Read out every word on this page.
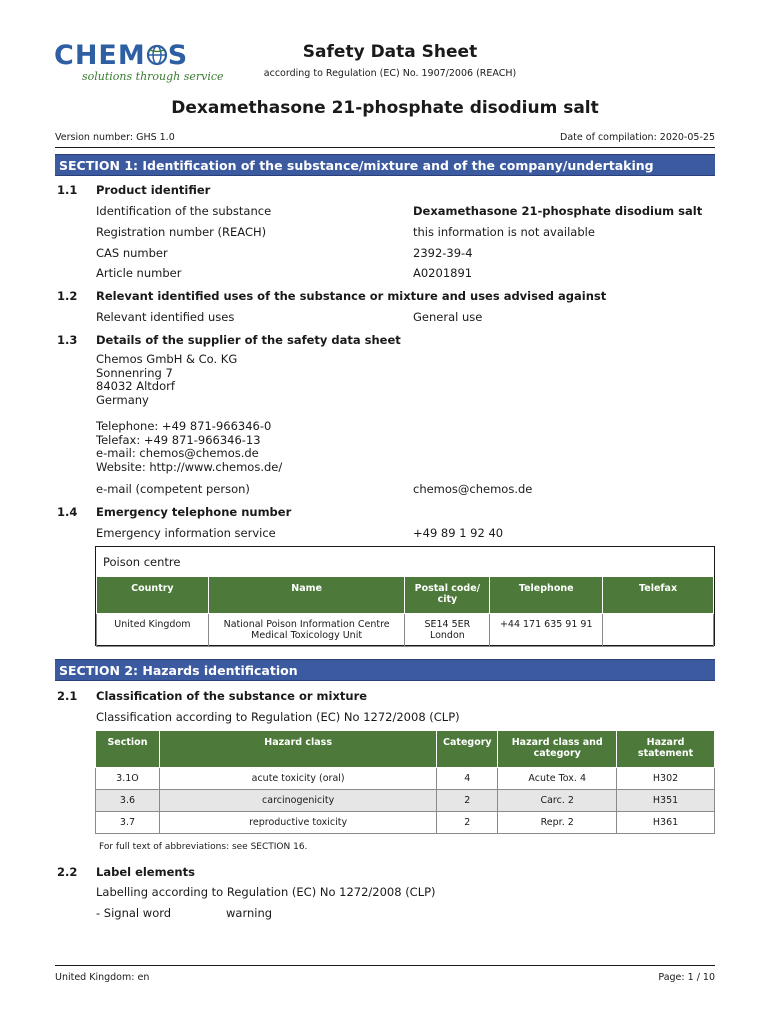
CHEM S
solutions through service
Safety Data Sheet
according to Regulation (EC) No. 1907/2006 (REACH)
Dexamethasone 21-phosphate disodium salt
Version number: GHS 1.0	Date of compilation: 2020-05-25
SECTION 1: Identification of the substance/mixture and of the company/undertaking
1.1 Product identifier
Identification of the substance	Dexamethasone 21-phosphate disodium salt
Registration number (REACH)	this information is not available
CAS number	2392-39-4
Article number	A0201891
1.2 Relevant identified uses of the substance or mixture and uses advised against
Relevant identified uses	General use
1.3 Details of the supplier of the safety data sheet
Chemos GmbH & Co. KG
Sonnenring 7
84032 Altdorf
Germany
Telephone: +49 871-966346-0
Telefax: +49 871-966346-13
e-mail: chemos@chemos.de
Website: http://www.chemos.de/
e-mail (competent person)	chemos@chemos.de
1.4 Emergency telephone number
Emergency information service	+49 89 1 92 40
Poison centre
Country	Name	Postal code/ city	Telephone	Telefax
United Kingdom	National Poison Information Centre Medical Toxicology Unit	SE14 5ER London	+44 171 635 91 91	
SECTION 2: Hazards identification
2.1 Classification of the substance or mixture
Classification according to Regulation (EC) No 1272/2008 (CLP)
Section	Hazard class	Category	Hazard class and category	Hazard statement
3.1O	acute toxicity (oral)	4	Acute Tox. 4	H302
3.6	carcinogenicity	2	Carc. 2	H351
3.7	reproductive toxicity	2	Repr. 2	H361
For full text of abbreviations: see SECTION 16.
2.2 Label elements
Labelling according to Regulation (EC) No 1272/2008 (CLP)
- Signal word	warning
United Kingdom: en	Page: 1 / 10
